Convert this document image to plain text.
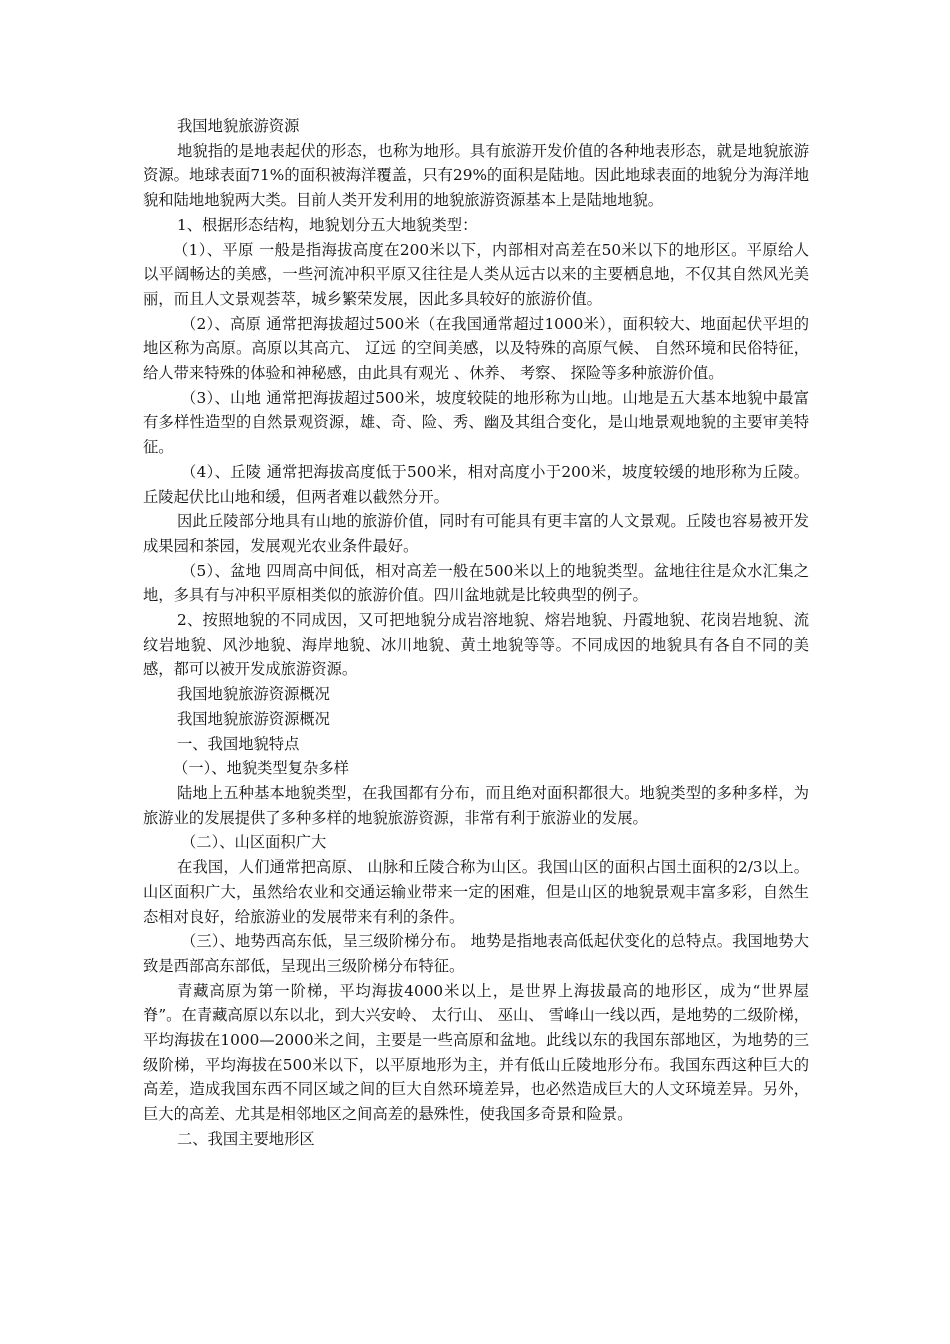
我国地貌旅游资源

地貌指的是地表起伏的形态，也称为地形。具有旅游开发价值的各种地表形态，就是地貌旅游资源。地球表面71%的面积被海洋覆盖，只有29%的面积是陆地。因此地球表面的地貌分为海洋地貌和陆地地貌两大类。目前人类开发利用的地貌旅游资源基本上是陆地地貌。

1、根据形态结构，地貌划分五大地貌类型：

（1）、平原 一般是指海拔高度在200米以下，内部相对高差在50米以下的地形区。平原给人以平阔畅达的美感，一些河流冲积平原又往往是人类从远古以来的主要栖息地，不仅其自然风光美丽，而且人文景观荟萃，城乡繁荣发展，因此多具较好的旅游价值。

（2）、高原 通常把海拔超过500米（在我国通常超过1000米），面积较大、地面起伏平坦的地区称为高原。高原以其高亢、 辽远 的空间美感，以及特殊的高原气候、 自然环境和民俗特征，给人带来特殊的体验和神秘感，由此具有观光 、休养、 考察、 探险等多种旅游价值。

（3）、山地 通常把海拔超过500米，坡度较陡的地形称为山地。山地是五大基本地貌中最富有多样性造型的自然景观资源，雄、奇、险、秀、幽及其组合变化，是山地景观地貌的主要审美特征。

（4）、丘陵 通常把海拔高度低于500米，相对高度小于200米，坡度较缓的地形称为丘陵。丘陵起伏比山地和缓，但两者难以截然分开。

因此丘陵部分地具有山地的旅游价值，同时有可能具有更丰富的人文景观。丘陵也容易被开发成果园和茶园，发展观光农业条件最好。

（5）、盆地 四周高中间低，相对高差一般在500米以上的地貌类型。盆地往往是众水汇集之地，多具有与冲积平原相类似的旅游价值。四川盆地就是比较典型的例子。

2、按照地貌的不同成因，又可把地貌分成岩溶地貌、熔岩地貌、丹霞地貌、花岗岩地貌、流纹岩地貌、风沙地貌、海岸地貌、冰川地貌、黄土地貌等等。不同成因的地貌具有各自不同的美感，都可以被开发成旅游资源。

我国地貌旅游资源概况

我国地貌旅游资源概况

一、我国地貌特点

（一）、地貌类型复杂多样

陆地上五种基本地貌类型，在我国都有分布，而且绝对面积都很大。地貌类型的多种多样，为旅游业的发展提供了多种多样的地貌旅游资源，非常有利于旅游业的发展。

（二）、山区面积广大

在我国，人们通常把高原、 山脉和丘陵合称为山区。我国山区的面积占国土面积的2/3以上。山区面积广大，虽然给农业和交通运输业带来一定的困难，但是山区的地貌景观丰富多彩，自然生态相对良好，给旅游业的发展带来有利的条件。

（三）、地势西高东低，呈三级阶梯分布。 地势是指地表高低起伏变化的总特点。我国地势大致是西部高东部低，呈现出三级阶梯分布特征。

青藏高原为第一阶梯，平均海拔4000米以上，是世界上海拔最高的地形区，成为“世界屋脊”。在青藏高原以东以北，到大兴安岭、 太行山、 巫山、 雪峰山一线以西，是地势的二级阶梯，平均海拔在1000—2000米之间，主要是一些高原和盆地。此线以东的我国东部地区，为地势的三级阶梯，平均海拔在500米以下，以平原地形为主，并有低山丘陵地形分布。我国东西这种巨大的高差，造成我国东西不同区域之间的巨大自然环境差异，也必然造成巨大的人文环境差异。另外，巨大的高差、尤其是相邻地区之间高差的悬殊性，使我国多奇景和险景。

二、我国主要地形区
